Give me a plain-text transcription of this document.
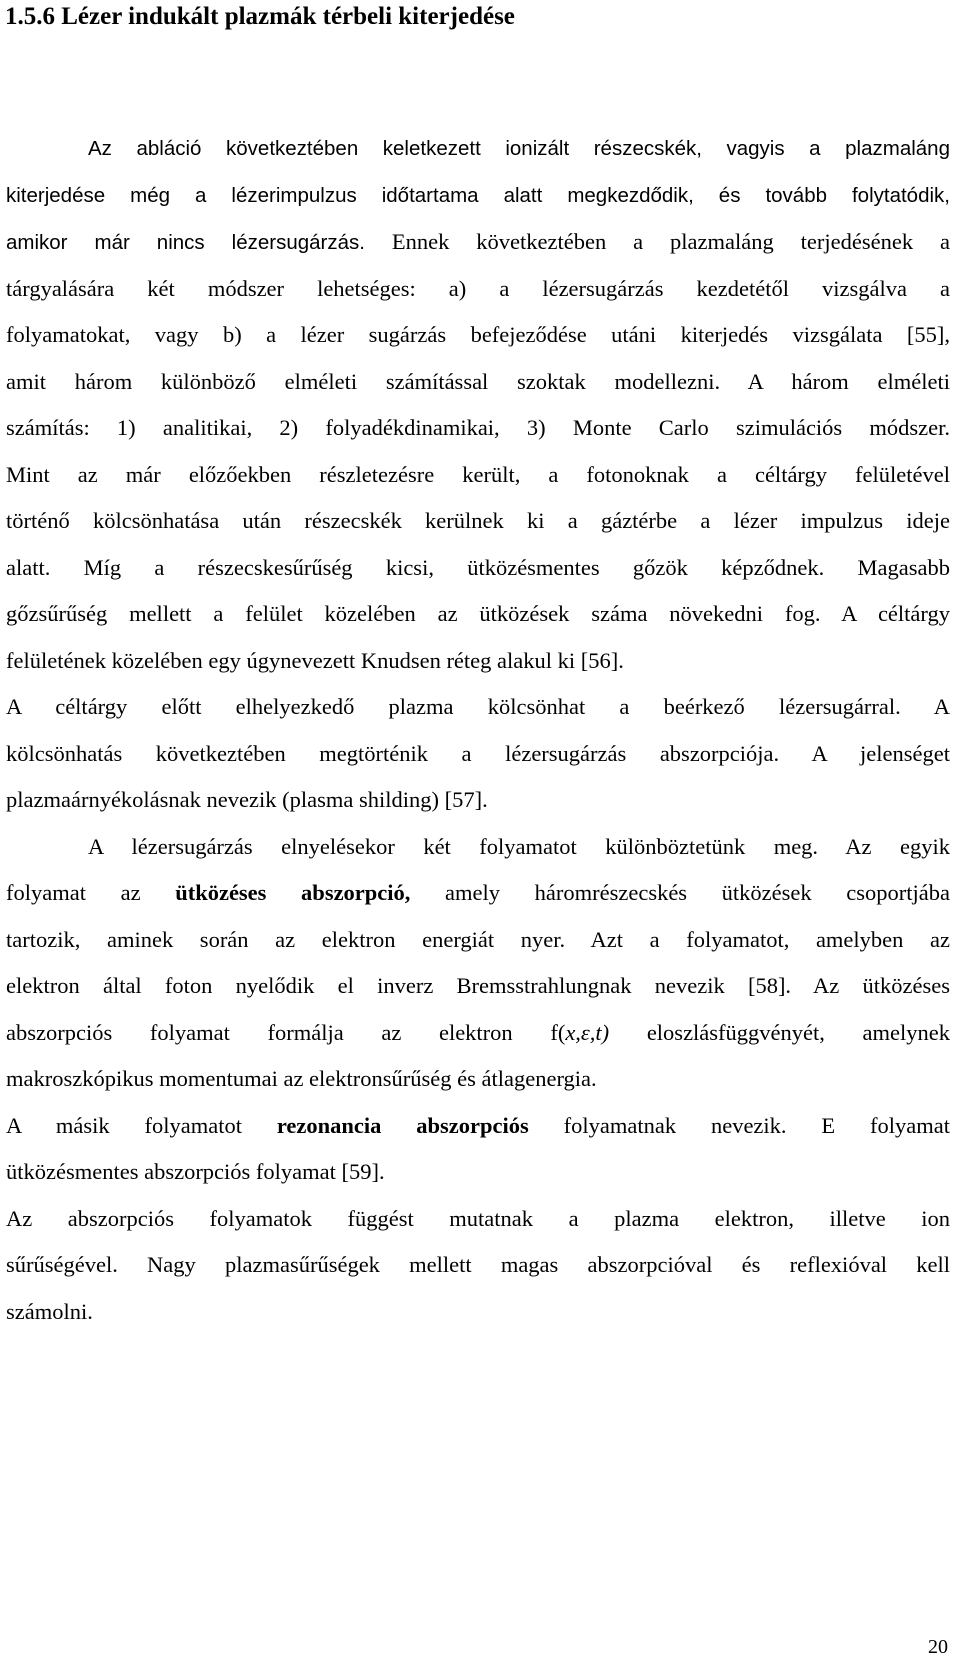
1.5.6 Lézer indukált plazmák térbeli kiterjedése
Az abláció következtében keletkezett ionizált részecskék, vagyis a plazmaláng
kiterjedése még a lézerimpulzus időtartama alatt megkezdődik, és tovább folytatódik,
amikor már nincs lézersugárzás. Ennek következtében a plazmaláng terjedésének a
tárgyalására két módszer lehetséges: a) a lézersugárzás kezdetétől vizsgálva a
folyamatokat, vagy b) a lézer sugárzás befejeződése utáni kiterjedés vizsgálata [55],
amit három különböző elméleti számítással szoktak modellezni. A három elméleti
számítás: 1) analitikai, 2) folyadékdinamikai, 3) Monte Carlo szimulációs módszer.
Mint az már előzőekben részletezésre került, a fotonoknak a céltárgy felületével
történő kölcsönhatása után részecskék kerülnek ki a gáztérbe a lézer impulzus ideje
alatt. Míg a részecskesűrűség kicsi, ütközésmentes gőzök képződnek. Magasabb
gőzsűrűség mellett a felület közelében az ütközések száma növekedni fog. A céltárgy
felületének közelében egy úgynevezett Knudsen réteg alakul ki [56].
A céltárgy előtt elhelyezkedő plazma kölcsönhat a beérkező lézersugárral. A
kölcsönhatás következtében megtörténik a lézersugárzás abszorpciója. A jelenséget
plazmaárnyékolásnak nevezik (plasma shilding) [57].
A lézersugárzás elnyelésekor két folyamatot különböztetünk meg. Az egyik
folyamat az ütközéses abszorpció, amely háromrészecskés ütközések csoportjába
tartozik, aminek során az elektron energiát nyer. Azt a folyamatot, amelyben az
elektron által foton nyelődik el inverz Bremsstrahlungnak nevezik [58]. Az ütközéses
abszorpciós folyamat formálja az elektron f(x,ε,t) eloszlásfüggvényét, amelynek
makroszkópikus momentumai az elektronsűrűség és átlagenergia.
A másik folyamatot rezonancia abszorpciós folyamatnak nevezik. E folyamat
ütközésmentes abszorpciós folyamat [59].
Az abszorpciós folyamatok függést mutatnak a plazma elektron, illetve ion
sűrűségével. Nagy plazmasűrűségek mellett magas abszorpcióval és reflexióval kell
számolni.
20
